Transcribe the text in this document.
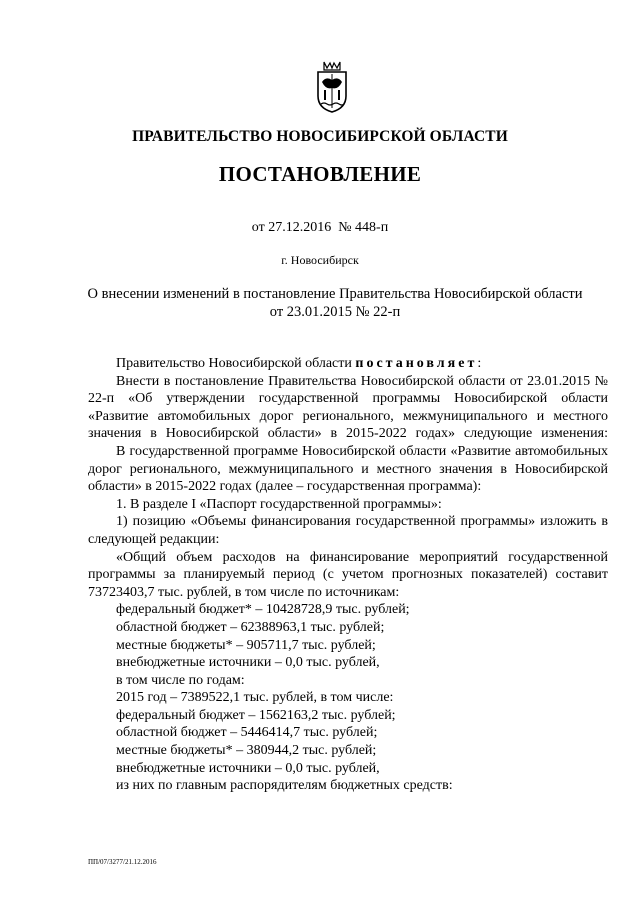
ПРАВИТЕЛЬСТВО НОВОСИБИРСКОЙ ОБЛАСТИ
ПОСТАНОВЛЕНИЕ
от 27.12.2016  № 448-п
г. Новосибирск
О внесении изменений в постановление Правительства Новосибирской области
от 23.01.2015 № 22-п

Правительство Новосибирской области постановляет:

Внести в постановление Правительства Новосибирской области от 23.01.2015 № 22-п «Об утверждении государственной программы Новосибирской области «Развитие автомобильных дорог регионального, межмуниципального и местного значения в Новосибирской области» в 2015-2022 годах» следующие изменения:

В государственной программе Новосибирской области «Развитие автомобильных дорог регионального, межмуниципального и местного значения в Новосибирской области» в 2015-2022 годах (далее – государственная программа):

1. В разделе I «Паспорт государственной программы»:

1) позицию «Объемы финансирования государственной программы» изложить в следующей редакции:

«Общий объем расходов на финансирование мероприятий государственной программы за планируемый период (с учетом прогнозных показателей) составит 73723403,7 тыс. рублей, в том числе по источникам:

федеральный бюджет* – 10428728,9 тыс. рублей;

областной бюджет – 62388963,1 тыс. рублей;

местные бюджеты* – 905711,7 тыс. рублей;

внебюджетные источники – 0,0 тыс. рублей,

в том числе по годам:

2015 год – 7389522,1 тыс. рублей, в том числе:

федеральный бюджет – 1562163,2 тыс. рублей;

областной бюджет – 5446414,7 тыс. рублей;

местные бюджеты* – 380944,2 тыс. рублей;

внебюджетные источники – 0,0 тыс. рублей,

из них по главным распорядителям бюджетных средств:

ПП/07/3277/21.12.2016
